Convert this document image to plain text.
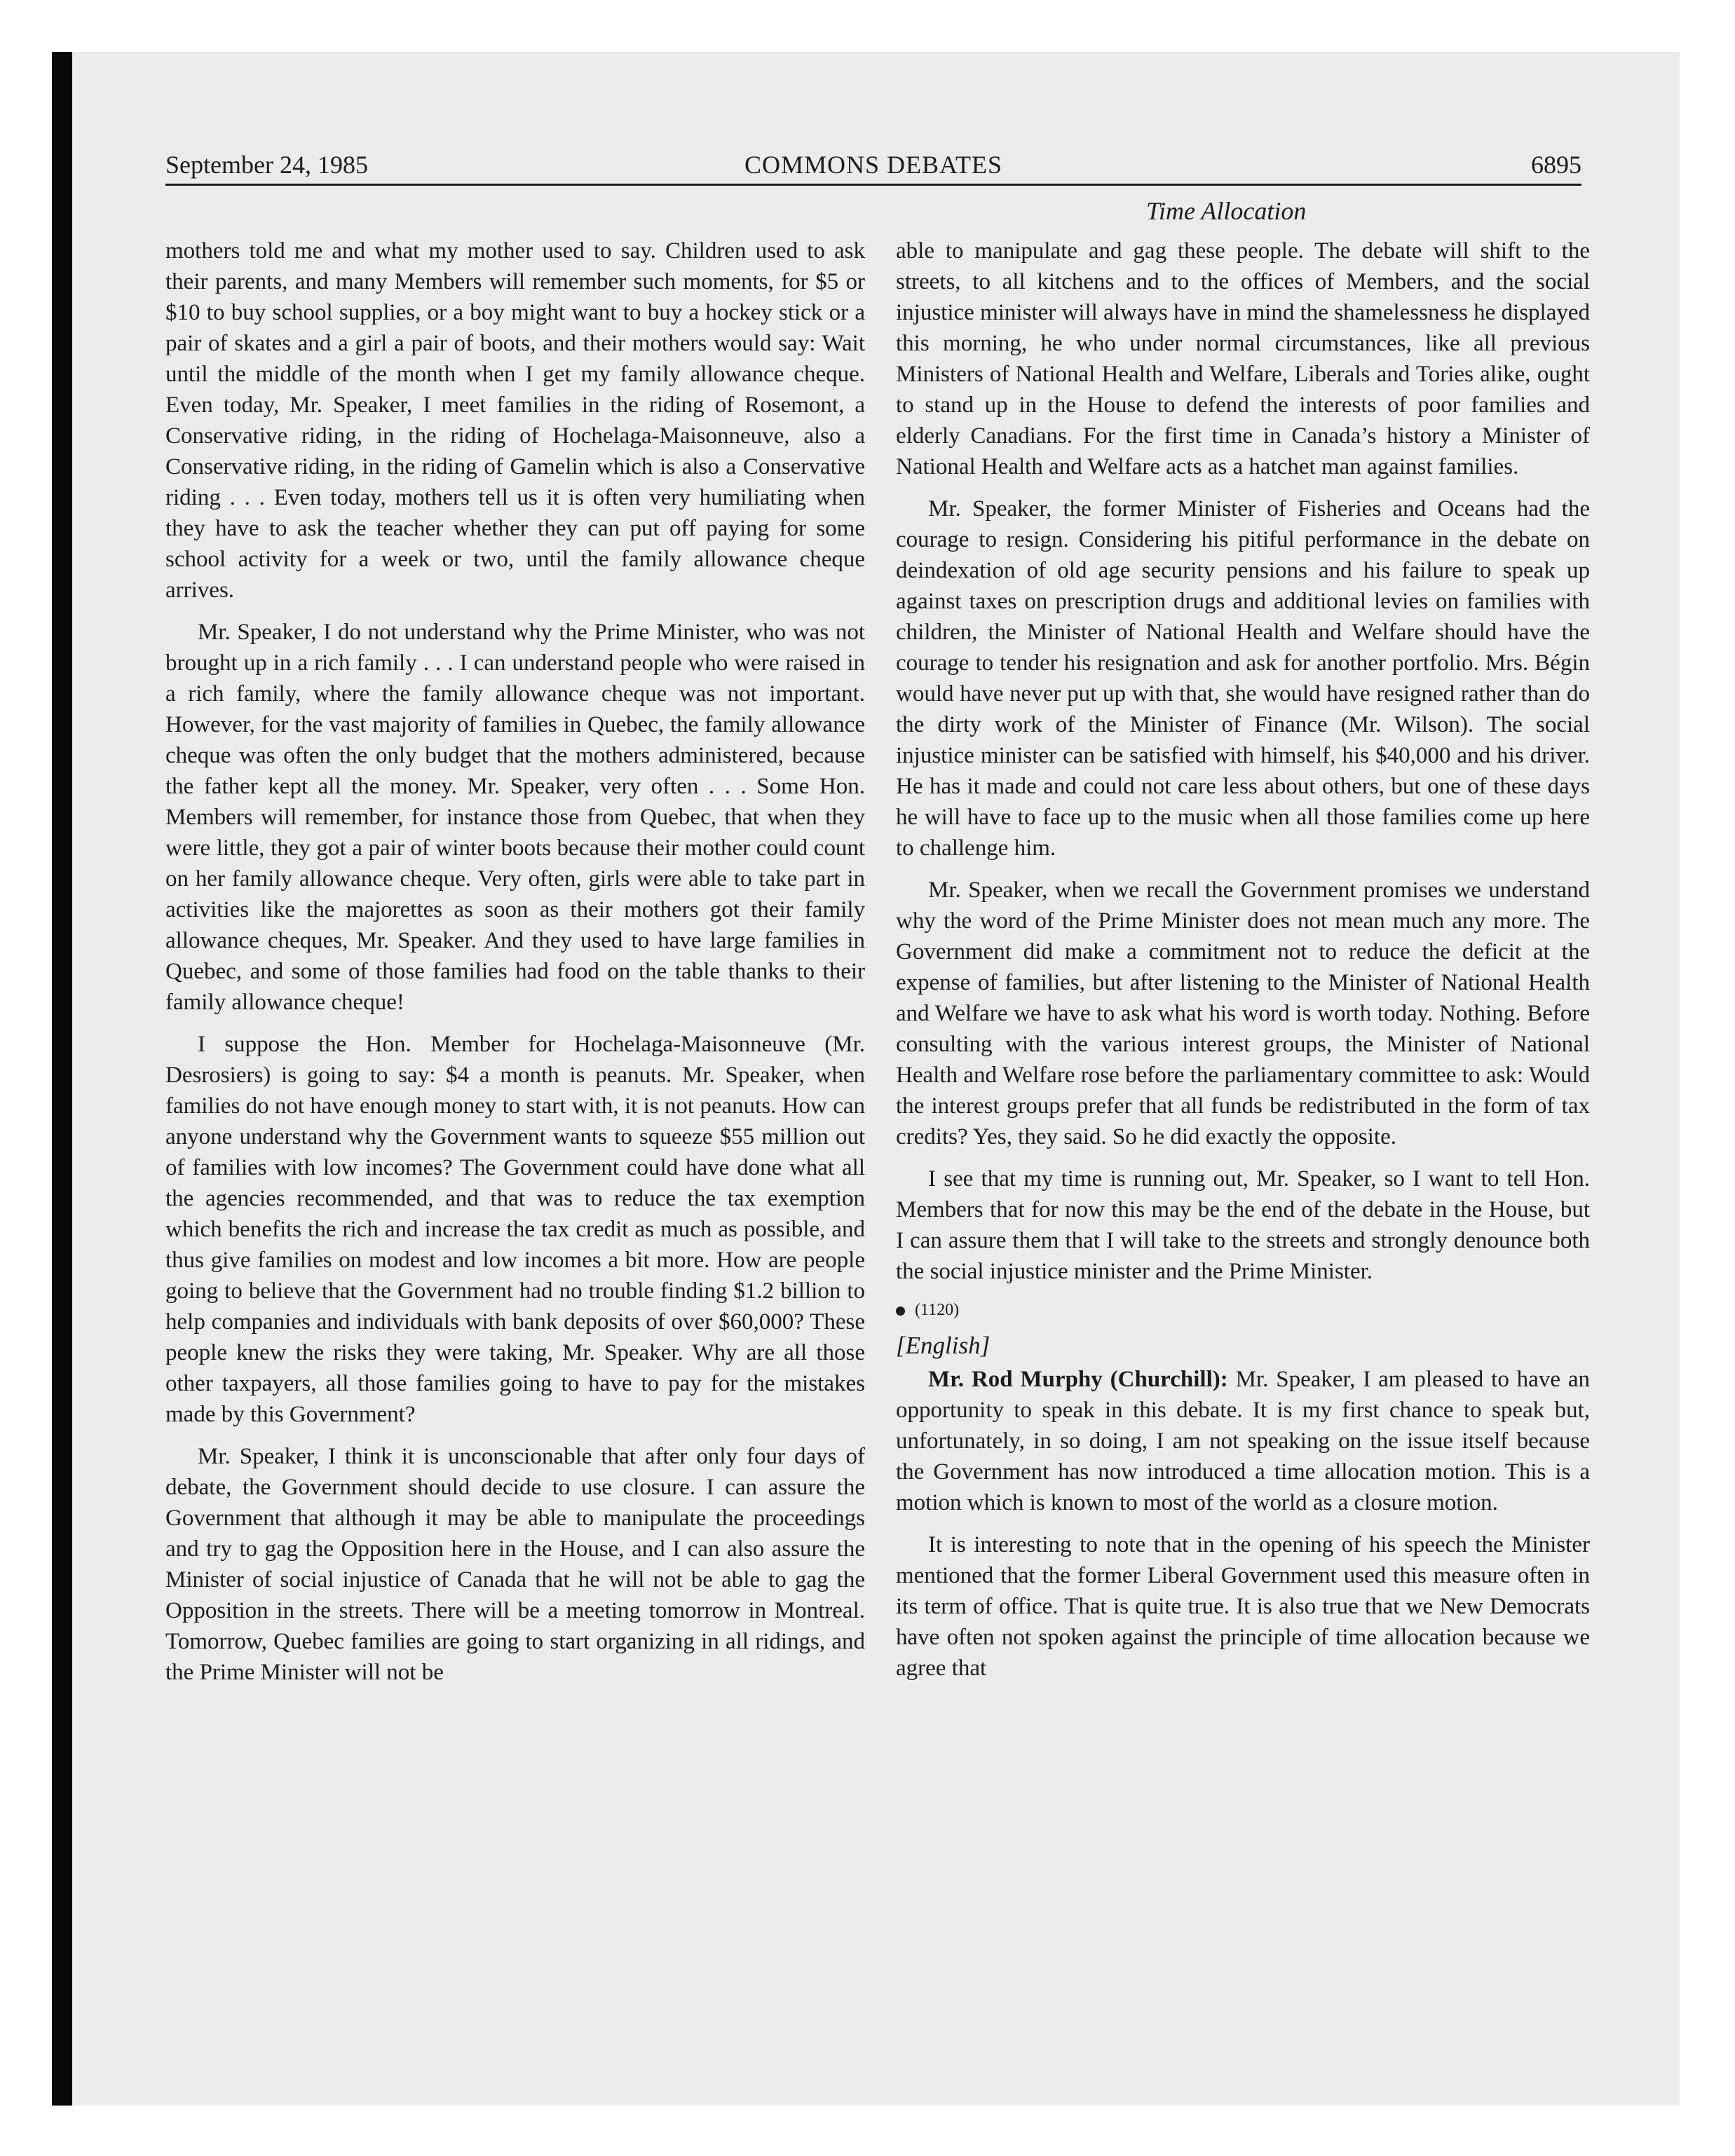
September 24, 1985	COMMONS DEBATES	6895
Time Allocation

mothers told me and what my mother used to say. Children used to ask their parents, and many Members will remember such moments, for $5 or $10 to buy school supplies, or a boy might want to buy a hockey stick or a pair of skates and a girl a pair of boots, and their mothers would say: Wait until the middle of the month when I get my family allowance cheque. Even today, Mr. Speaker, I meet families in the riding of Rosemont, a Conservative riding, in the riding of Hochelaga-Maisonneuve, also a Conservative riding, in the riding of Gamelin which is also a Conservative riding . . . Even today, mothers tell us it is often very humiliating when they have to ask the teacher whether they can put off paying for some school activity for a week or two, until the family allowance cheque arrives.

Mr. Speaker, I do not understand why the Prime Minister, who was not brought up in a rich family . . . I can understand people who were raised in a rich family, where the family allowance cheque was not important. However, for the vast majority of families in Quebec, the family allowance cheque was often the only budget that the mothers administered, because the father kept all the money. Mr. Speaker, very often . . . Some Hon. Members will remember, for instance those from Quebec, that when they were little, they got a pair of winter boots because their mother could count on her family allowance cheque. Very often, girls were able to take part in activities like the majorettes as soon as their mothers got their family allowance cheques, Mr. Speaker. And they used to have large families in Quebec, and some of those families had food on the table thanks to their family allowance cheque!

I suppose the Hon. Member for Hochelaga-Maisonneuve (Mr. Desrosiers) is going to say: $4 a month is peanuts. Mr. Speaker, when families do not have enough money to start with, it is not peanuts. How can anyone understand why the Government wants to squeeze $55 million out of families with low incomes? The Government could have done what all the agencies recommended, and that was to reduce the tax exemption which benefits the rich and increase the tax credit as much as possible, and thus give families on modest and low incomes a bit more. How are people going to believe that the Government had no trouble finding $1.2 billion to help companies and individuals with bank deposits of over $60,000? These people knew the risks they were taking, Mr. Speaker. Why are all those other taxpayers, all those families going to have to pay for the mistakes made by this Government?

Mr. Speaker, I think it is unconscionable that after only four days of debate, the Government should decide to use closure. I can assure the Government that although it may be able to manipulate the proceedings and try to gag the Opposition here in the House, and I can also assure the Minister of social injustice of Canada that he will not be able to gag the Opposition in the streets. There will be a meeting tomorrow in Montreal. Tomorrow, Quebec families are going to start organizing in all ridings, and the Prime Minister will not be

able to manipulate and gag these people. The debate will shift to the streets, to all kitchens and to the offices of Members, and the social injustice minister will always have in mind the shamelessness he displayed this morning, he who under normal circumstances, like all previous Ministers of National Health and Welfare, Liberals and Tories alike, ought to stand up in the House to defend the interests of poor families and elderly Canadians. For the first time in Canada’s history a Minister of National Health and Welfare acts as a hatchet man against families.

Mr. Speaker, the former Minister of Fisheries and Oceans had the courage to resign. Considering his pitiful performance in the debate on deindexation of old age security pensions and his failure to speak up against taxes on prescription drugs and additional levies on families with children, the Minister of National Health and Welfare should have the courage to tender his resignation and ask for another portfolio. Mrs. Bégin would have never put up with that, she would have resigned rather than do the dirty work of the Minister of Finance (Mr. Wilson). The social injustice minister can be satisfied with himself, his $40,000 and his driver. He has it made and could not care less about others, but one of these days he will have to face up to the music when all those families come up here to challenge him.

Mr. Speaker, when we recall the Government promises we understand why the word of the Prime Minister does not mean much any more. The Government did make a commitment not to reduce the deficit at the expense of families, but after listening to the Minister of National Health and Welfare we have to ask what his word is worth today. Nothing. Before consulting with the various interest groups, the Minister of National Health and Welfare rose before the parliamentary committee to ask: Would the interest groups prefer that all funds be redistributed in the form of tax credits? Yes, they said. So he did exactly the opposite.

I see that my time is running out, Mr. Speaker, so I want to tell Hon. Members that for now this may be the end of the debate in the House, but I can assure them that I will take to the streets and strongly denounce both the social injustice minister and the Prime Minister.

(1120)
[English]

Mr. Rod Murphy (Churchill): Mr. Speaker, I am pleased to have an opportunity to speak in this debate. It is my first chance to speak but, unfortunately, in so doing, I am not speaking on the issue itself because the Government has now introduced a time allocation motion. This is a motion which is known to most of the world as a closure motion.

It is interesting to note that in the opening of his speech the Minister mentioned that the former Liberal Government used this measure often in its term of office. That is quite true. It is also true that we New Democrats have often not spoken against the principle of time allocation because we agree that
